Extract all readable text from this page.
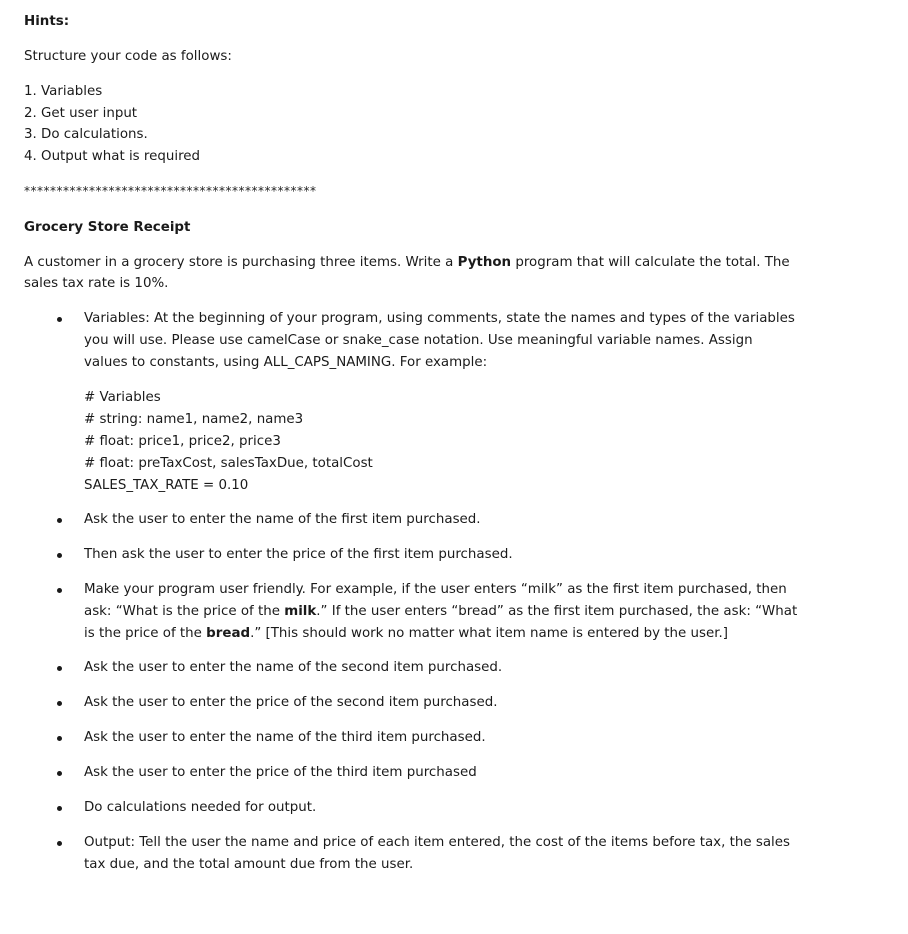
Hints:
Structure your code as follows:
1. Variables
2. Get user input
3. Do calculations.
4. Output what is required
*********************************************
Grocery Store Receipt
A customer in a grocery store is purchasing three items. Write a Python program that will calculate the total. The
sales tax rate is 10%.
Variables: At the beginning of your program, using comments, state the names and types of the variables
you will use. Please use camelCase or snake_case notation. Use meaningful variable names. Assign
values to constants, using ALL_CAPS_NAMING. For example:
# Variables
# string: name1, name2, name3
# float: price1, price2, price3
# float: preTaxCost, salesTaxDue, totalCost
SALES_TAX_RATE = 0.10
Ask the user to enter the name of the first item purchased.
Then ask the user to enter the price of the first item purchased.
Make your program user friendly. For example, if the user enters “milk” as the first item purchased, then
ask: “What is the price of the milk.” If the user enters “bread” as the first item purchased, the ask: “What
is the price of the bread.” [This should work no matter what item name is entered by the user.]
Ask the user to enter the name of the second item purchased.
Ask the user to enter the price of the second item purchased.
Ask the user to enter the name of the third item purchased.
Ask the user to enter the price of the third item purchased
Do calculations needed for output.
Output: Tell the user the name and price of each item entered, the cost of the items before tax, the sales
tax due, and the total amount due from the user.
